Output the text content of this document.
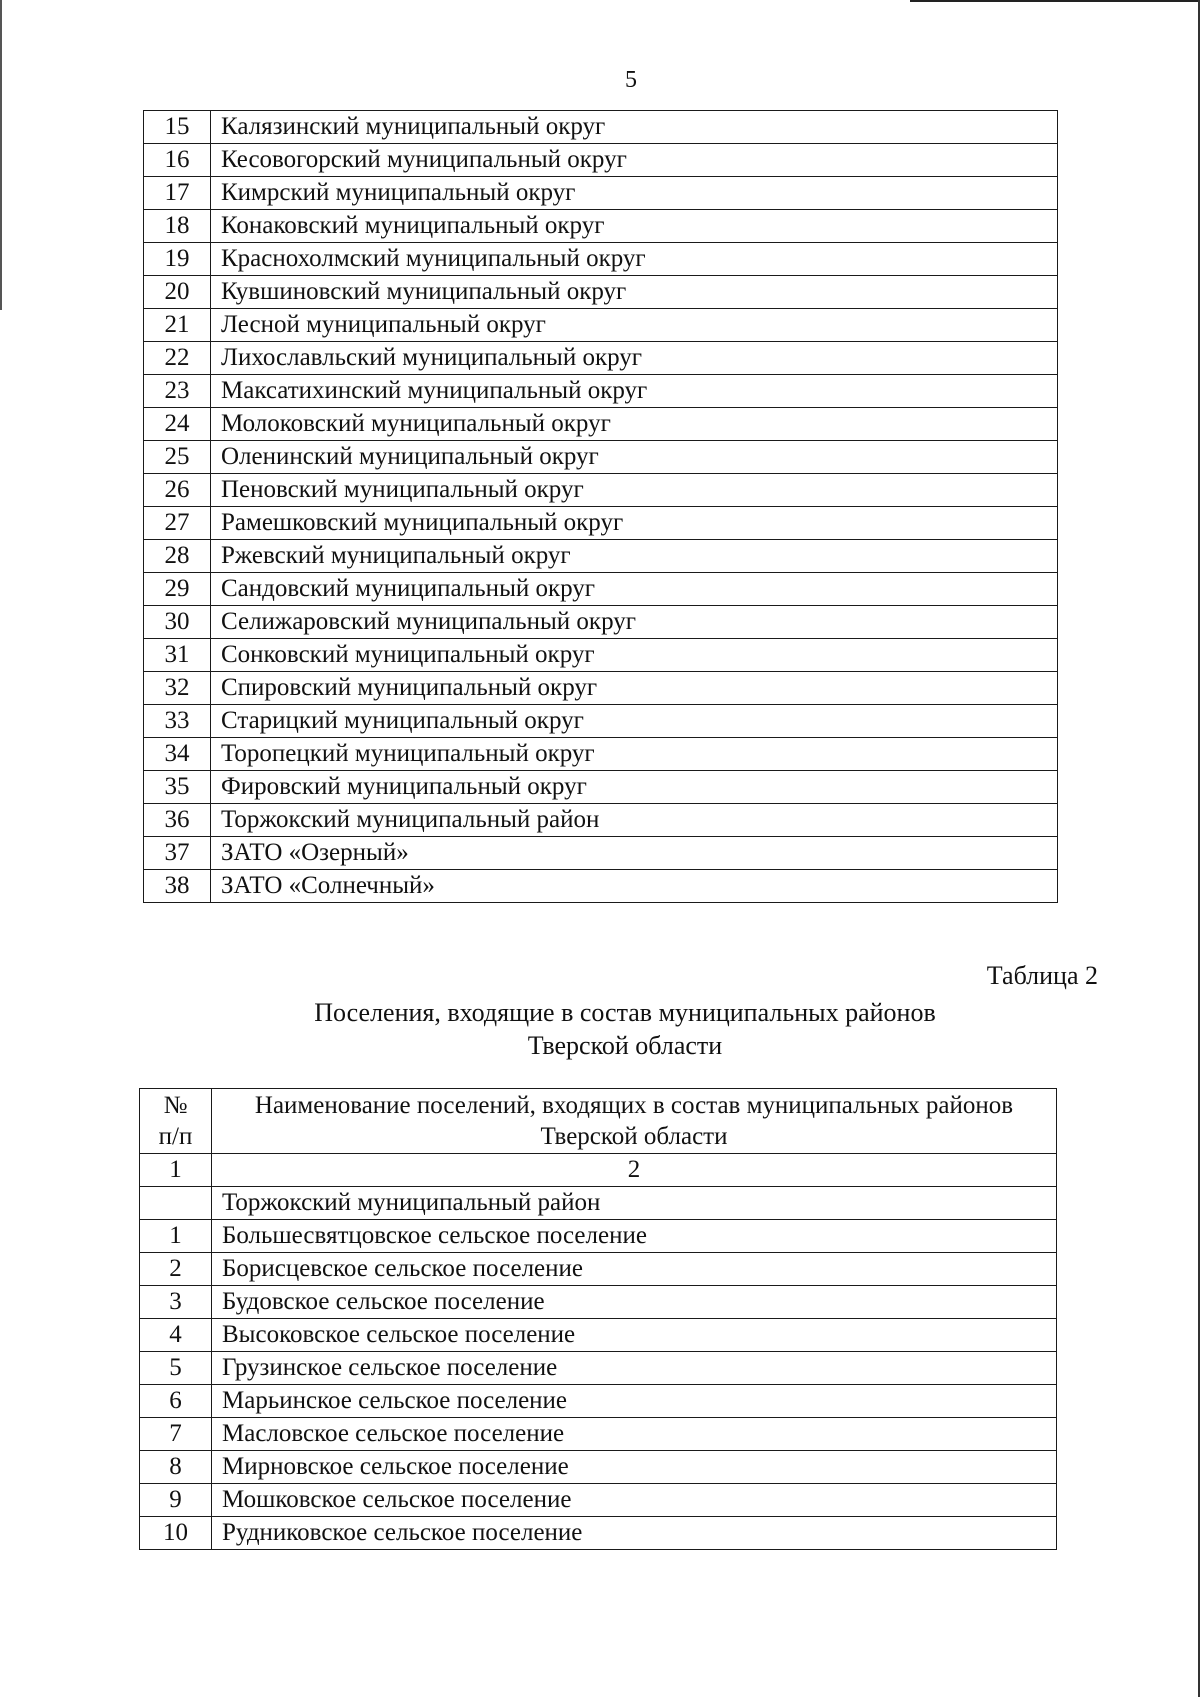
5
15	Калязинский муниципальный округ
16	Кесовогорский муниципальный округ
17	Кимрский муниципальный округ
18	Конаковский муниципальный округ
19	Краснохолмский муниципальный округ
20	Кувшиновский муниципальный округ
21	Лесной муниципальный округ
22	Лихославльский муниципальный округ
23	Максатихинский муниципальный округ
24	Молоковский муниципальный округ
25	Оленинский муниципальный округ
26	Пеновский муниципальный округ
27	Рамешковский муниципальный округ
28	Ржевский муниципальный округ
29	Сандовский муниципальный округ
30	Селижаровский муниципальный округ
31	Сонковский муниципальный округ
32	Спировский муниципальный округ
33	Старицкий муниципальный округ
34	Торопецкий муниципальный округ
35	Фировский муниципальный округ
36	Торжокский муниципальный район
37	ЗАТО «Озерный»
38	ЗАТО «Солнечный»
Таблица 2
Поселения, входящие в состав муниципальных районов
Тверской области
№
п/п	Наименование поселений, входящих в состав муниципальных районов Тверской области
1	2
	Торжокский муниципальный район
1	Большесвятцовское сельское поселение
2	Борисцевское сельское поселение
3	Будовское сельское поселение
4	Высоковское сельское поселение
5	Грузинское сельское поселение
6	Марьинское сельское поселение
7	Масловское сельское поселение
8	Мирновское сельское поселение
9	Мошковское сельское поселение
10	Рудниковское сельское поселение
